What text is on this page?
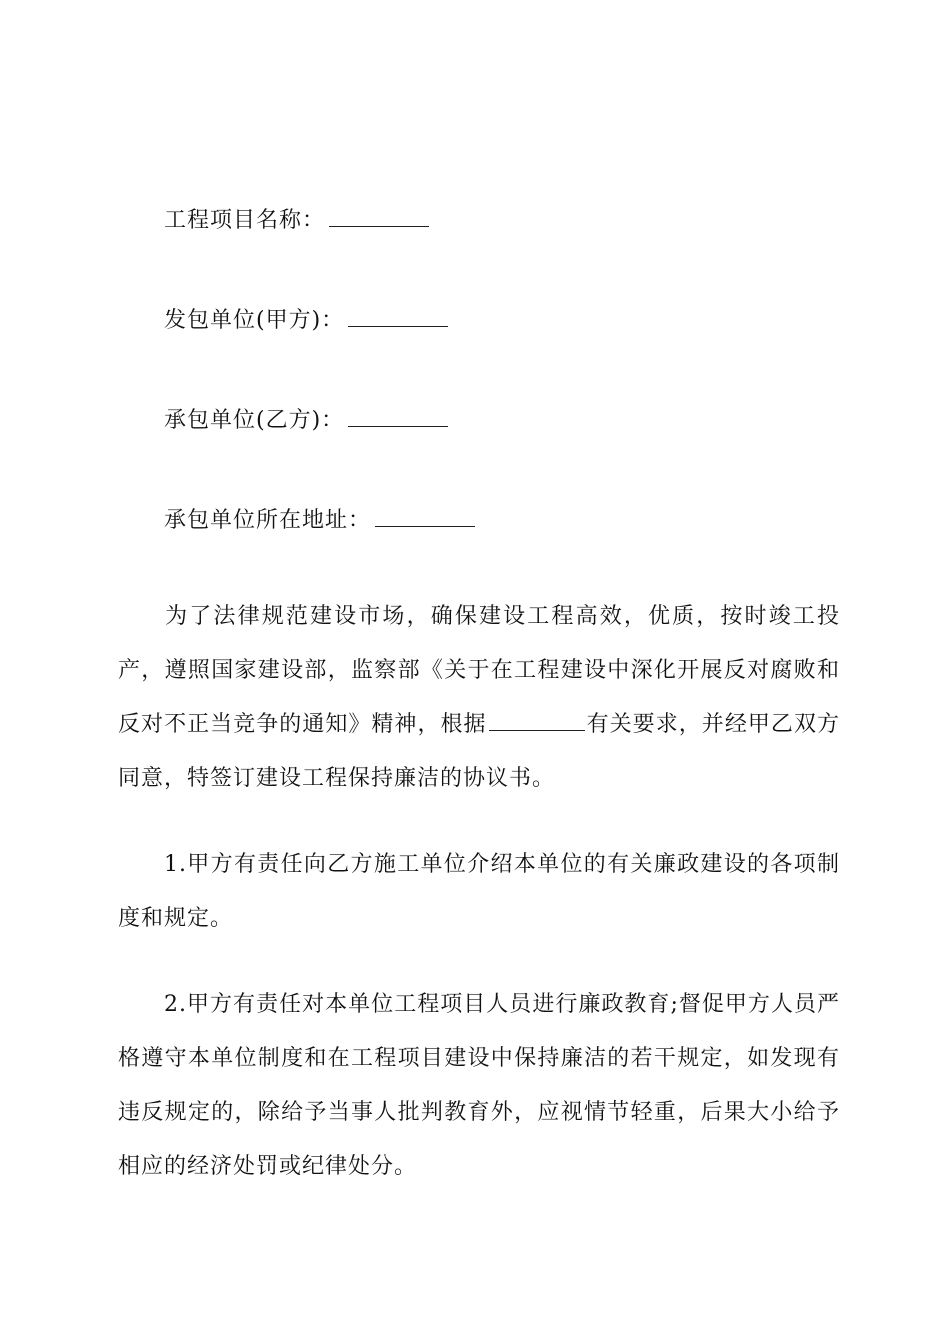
工程项目名称：
发包单位(甲方)：
承包单位(乙方)：
承包单位所在地址：
为了法律规范建设市场，确保建设工程高效，优质，按时竣工投产，遵照国家建设部，监察部《关于在工程建设中深化开展反对腐败和反对不正当竞争的通知》精神，根据	有关要求，并经甲乙双方同意，特签订建设工程保持廉洁的协议书。
1.甲方有责任向乙方施工单位介绍本单位的有关廉政建设的各项制度和规定。
2.甲方有责任对本单位工程项目人员进行廉政教育;督促甲方人员严格遵守本单位制度和在工程项目建设中保持廉洁的若干规定，如发现有违反规定的，除给予当事人批判教育外，应视情节轻重，后果大小给予相应的经济处罚或纪律处分。
